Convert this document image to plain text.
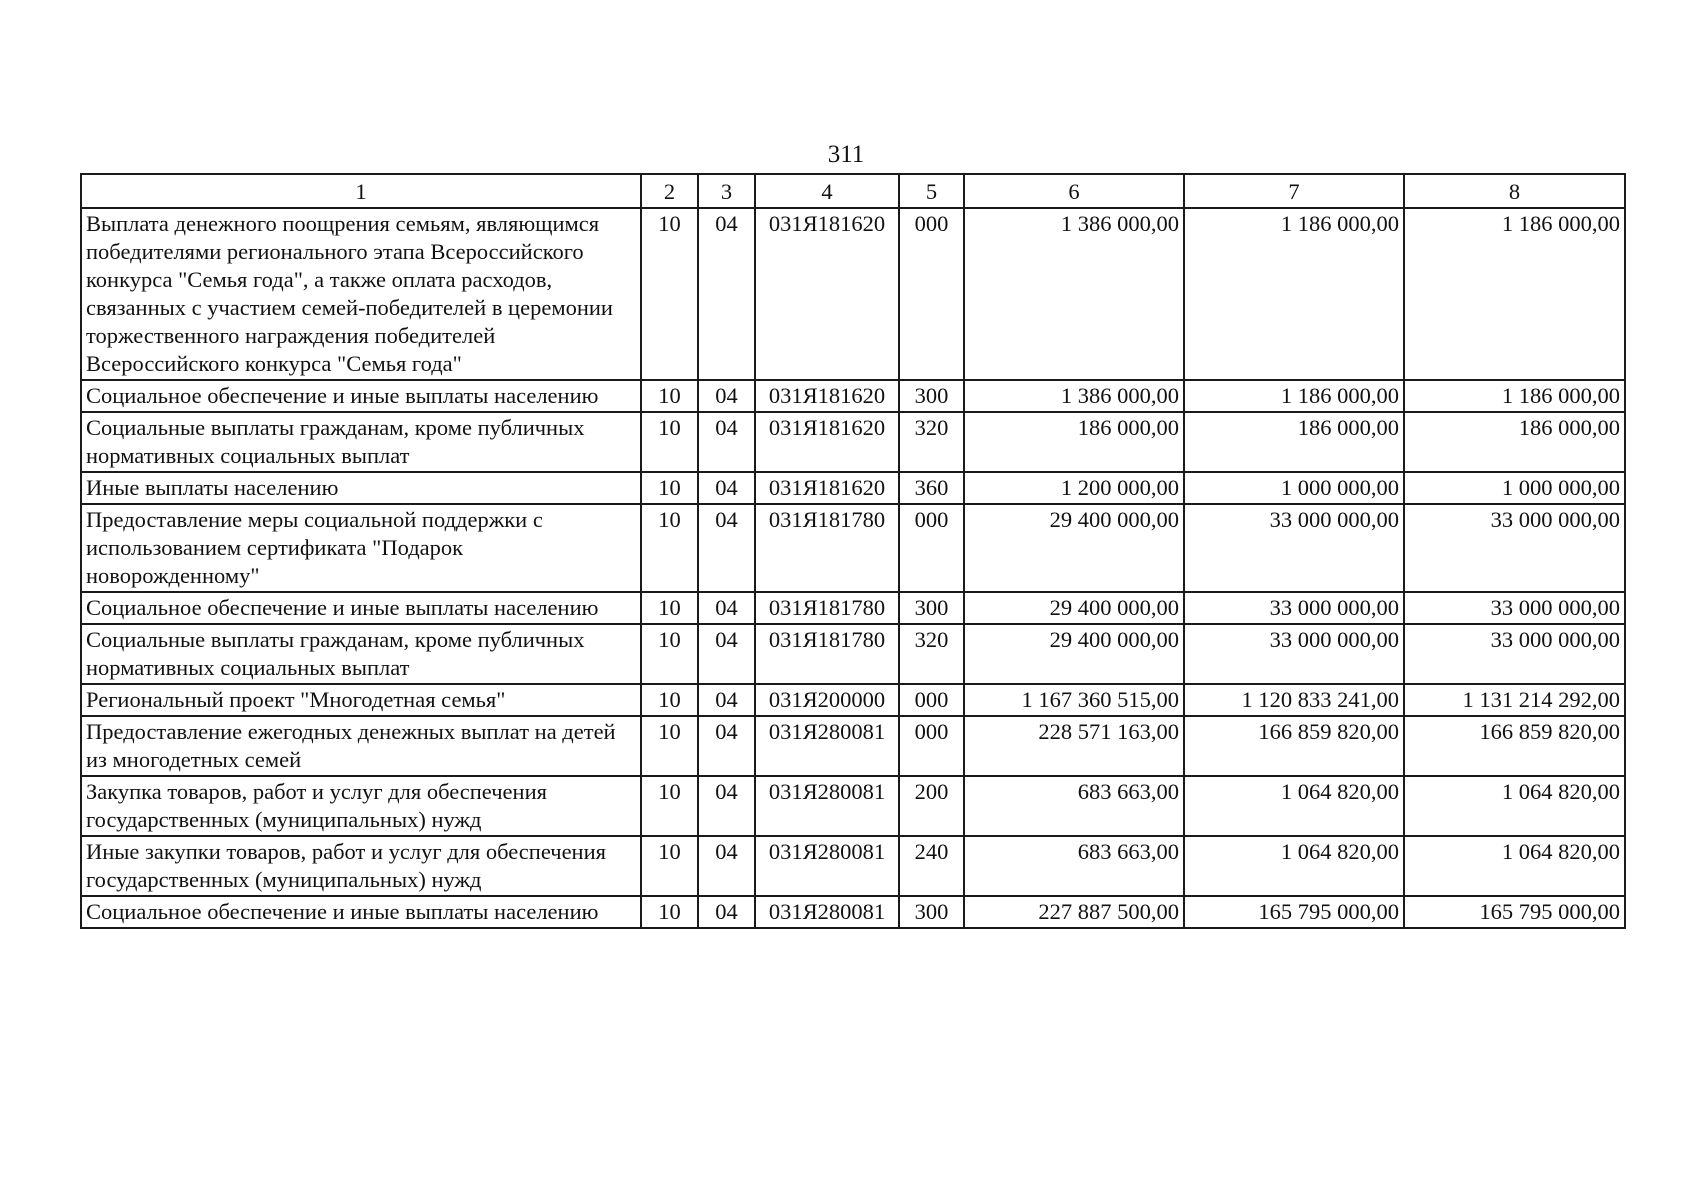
311
1	2	3	4	5	6	7	8
Выплата денежного поощрения семьям, являющимся победителями регионального этапа Всероссийского конкурса "Семья года", а также оплата расходов, связанных с участием семей-победителей в церемонии торжественного награждения победителей Всероссийского конкурса "Семья года"	10	04	031Я181620	000	1 386 000,00	1 186 000,00	1 186 000,00
Социальное обеспечение и иные выплаты населению	10	04	031Я181620	300	1 386 000,00	1 186 000,00	1 186 000,00
Социальные выплаты гражданам, кроме публичных нормативных социальных выплат	10	04	031Я181620	320	186 000,00	186 000,00	186 000,00
Иные выплаты населению	10	04	031Я181620	360	1 200 000,00	1 000 000,00	1 000 000,00
Предоставление меры социальной поддержки с использованием сертификата "Подарок новорожденному"	10	04	031Я181780	000	29 400 000,00	33 000 000,00	33 000 000,00
Социальное обеспечение и иные выплаты населению	10	04	031Я181780	300	29 400 000,00	33 000 000,00	33 000 000,00
Социальные выплаты гражданам, кроме публичных нормативных социальных выплат	10	04	031Я181780	320	29 400 000,00	33 000 000,00	33 000 000,00
Региональный проект "Многодетная семья"	10	04	031Я200000	000	1 167 360 515,00	1 120 833 241,00	1 131 214 292,00
Предоставление ежегодных денежных выплат на детей из многодетных семей	10	04	031Я280081	000	228 571 163,00	166 859 820,00	166 859 820,00
Закупка товаров, работ и услуг для обеспечения государственных (муниципальных) нужд	10	04	031Я280081	200	683 663,00	1 064 820,00	1 064 820,00
Иные закупки товаров, работ и услуг для обеспечения государственных (муниципальных) нужд	10	04	031Я280081	240	683 663,00	1 064 820,00	1 064 820,00
Социальное обеспечение и иные выплаты населению	10	04	031Я280081	300	227 887 500,00	165 795 000,00	165 795 000,00
